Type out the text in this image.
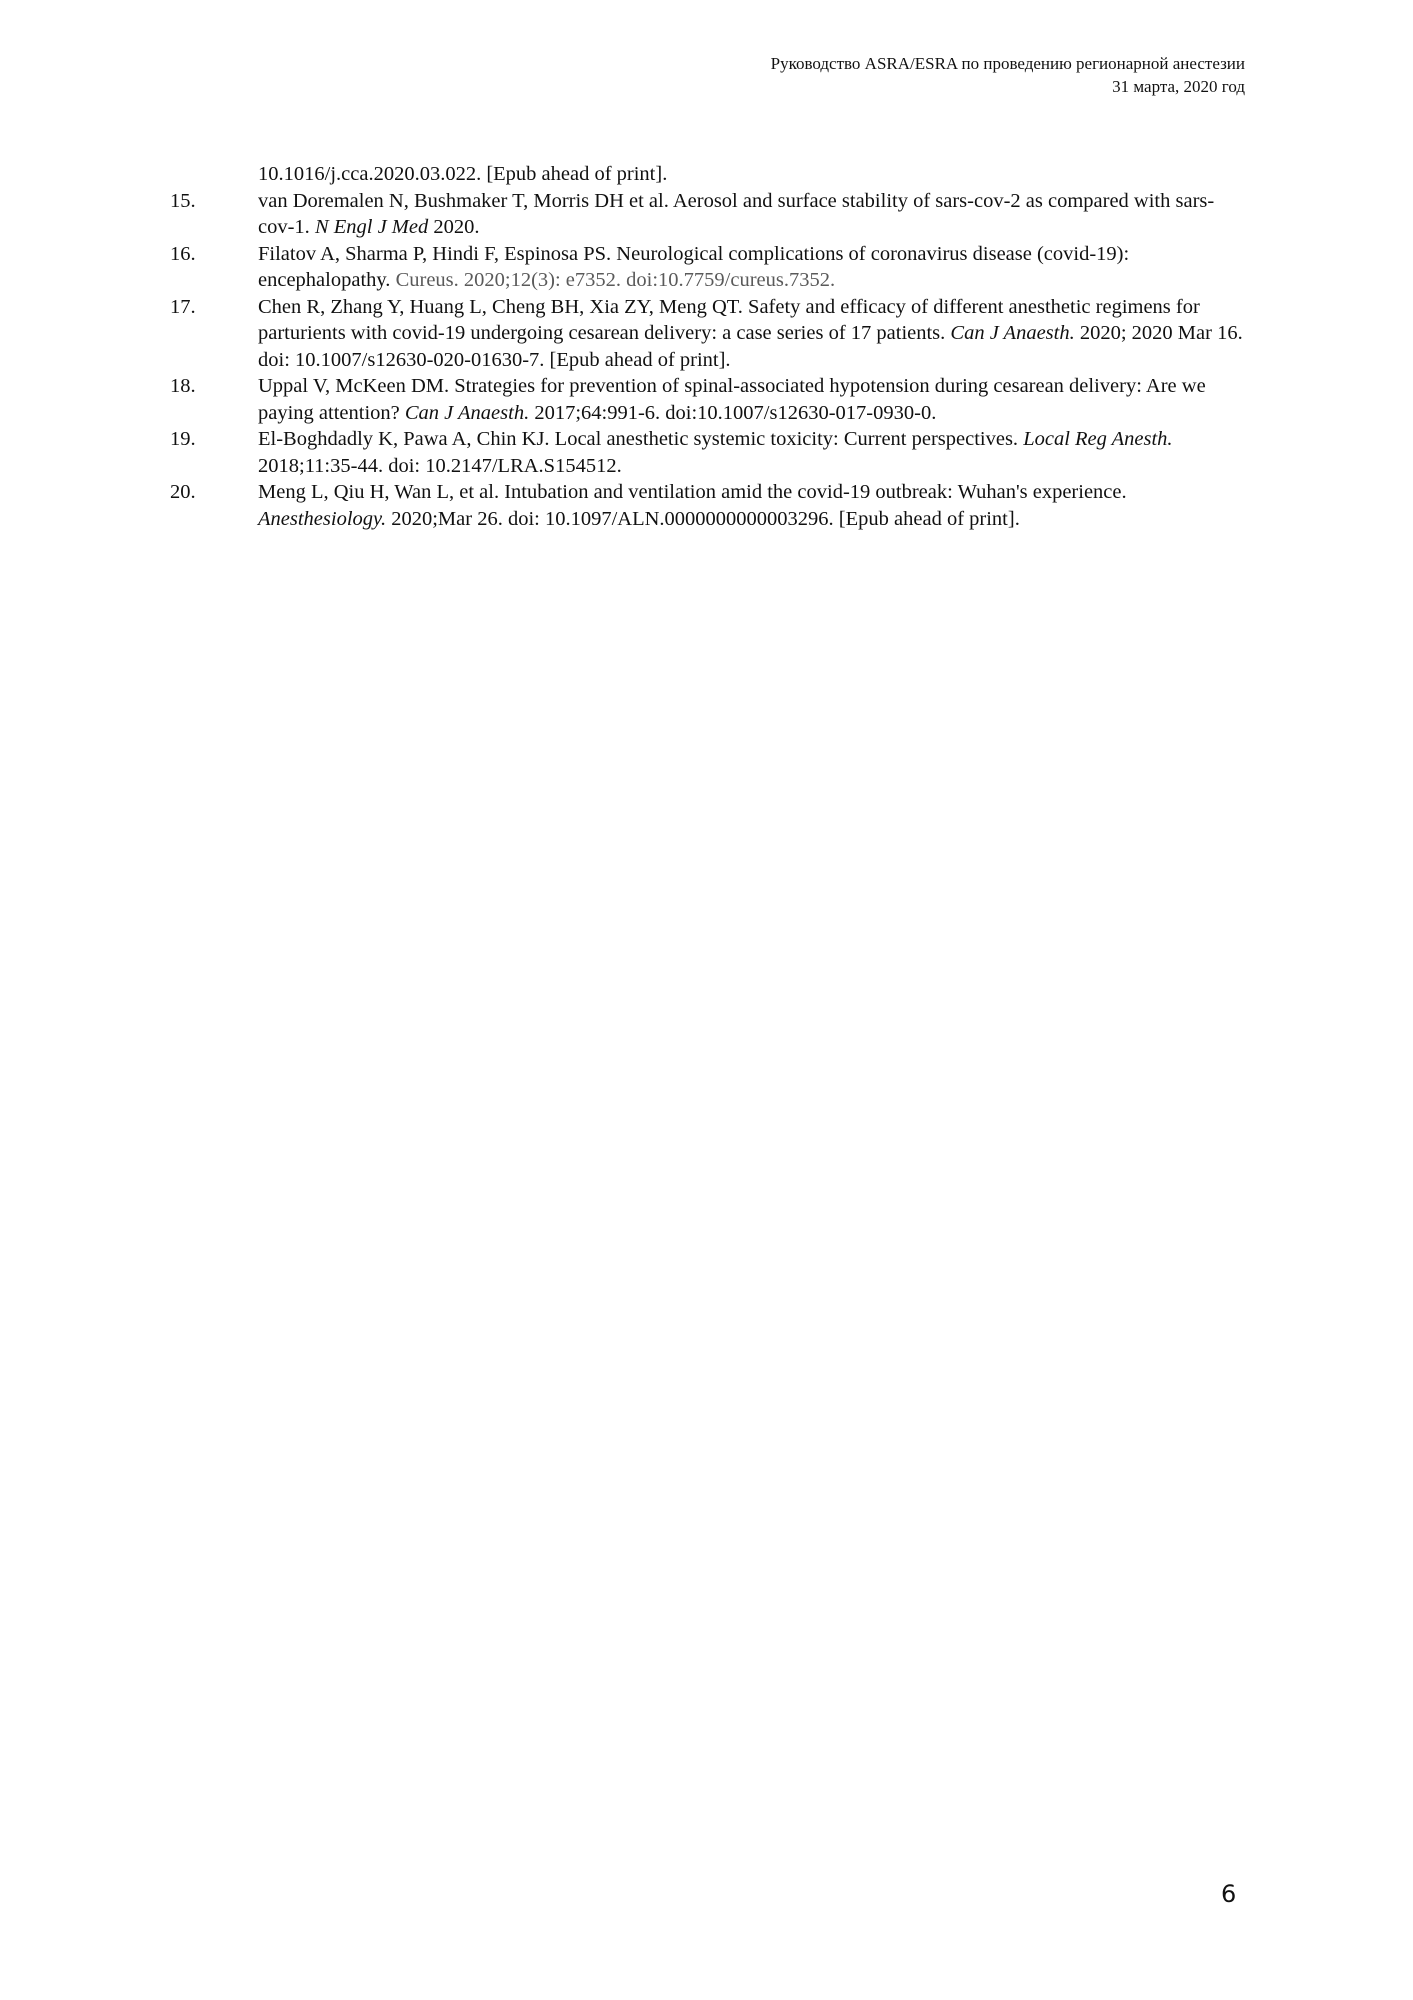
Руководство ASRA/ESRA по проведению регионарной анестезии
31 марта, 2020 год
10.1016/j.cca.2020.03.022. [Epub ahead of print].
15.	van Doremalen N, Bushmaker T, Morris DH et al. Aerosol and surface stability of sars-cov-2 as compared with sars-cov-1. N Engl J Med 2020.
16.	Filatov A, Sharma P, Hindi F, Espinosa PS. Neurological complications of coronavirus disease (covid-19): encephalopathy. Cureus. 2020;12(3): e7352. doi:10.7759/cureus.7352.
17.	Chen R, Zhang Y, Huang L, Cheng BH, Xia ZY, Meng QT. Safety and efficacy of different anesthetic regimens for parturients with covid-19 undergoing cesarean delivery: a case series of 17 patients. Can J Anaesth. 2020; 2020 Mar 16. doi: 10.1007/s12630-020-01630-7. [Epub ahead of print].
18.	Uppal V, McKeen DM. Strategies for prevention of spinal-associated hypotension during cesarean delivery: Are we paying attention? Can J Anaesth. 2017;64:991-6. doi:10.1007/s12630-017-0930-0.
19.	El-Boghdadly K, Pawa A, Chin KJ. Local anesthetic systemic toxicity: Current perspectives. Local Reg Anesth. 2018;11:35-44. doi: 10.2147/LRA.S154512.
20.	Meng L, Qiu H, Wan L, et al. Intubation and ventilation amid the covid-19 outbreak: Wuhan's experience. Anesthesiology. 2020;Mar 26. doi: 10.1097/ALN.0000000000003296. [Epub ahead of print].
6
